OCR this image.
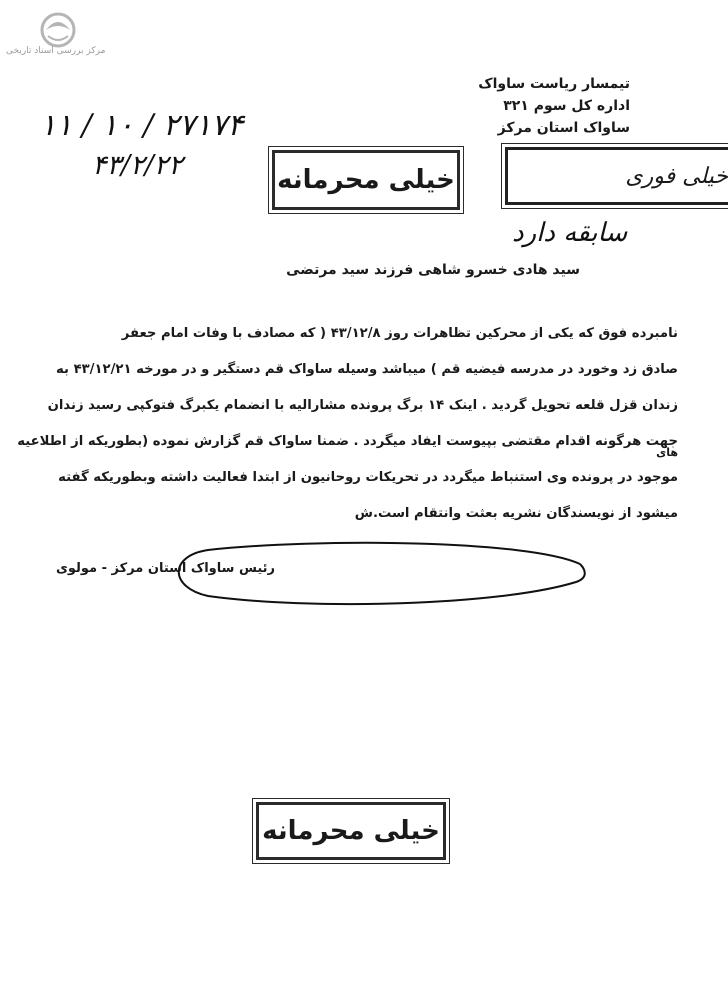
مرکز بررسی اسناد تاریخی
۲۷۱۷۴ / ۱۰ / ۱۱
۴۳/۲/۲۲
سابقه دارد
تیمسار ریاست ساواک
اداره کل سوم ۳۲۱
ساواک استان مرکز
خیلی محرمانه	خیلی فوری
سید هادی خسرو شاهی فرزند سید مرتضی

نامبرده فوق که یکی از محرکین تظاهرات روز ۴۳/۱۲/۸ ( که مصادف با وفات امام جعفر

صادق زد وخورد در مدرسه فیضیه قم ) میباشد وسیله ساواک قم دستگیر و در مورخه ۴۳/۱۲/۲۱ به

زندان قزل قلعه تحویل گردید . اینک ۱۴ برگ پرونده مشارالیه با انضمام یکبرگ فتوکپی رسید زندان

جهت هرگونه اقدام مقتضی بپیوست ایفاد میگردد . ضمنا ساواک قم گزارش نموده (بطوریکه از اطلاعیه

موجود در پرونده وی استنباط میگردد در تحریکات روحانیون از ابتدا فعالیت داشته وبطوریکه گفته

میشود از نویسندگان نشریه بعثت وانتقام است.ش

های
رئیس ساواک استان مرکز - مولوی
خیلی محرمانه
